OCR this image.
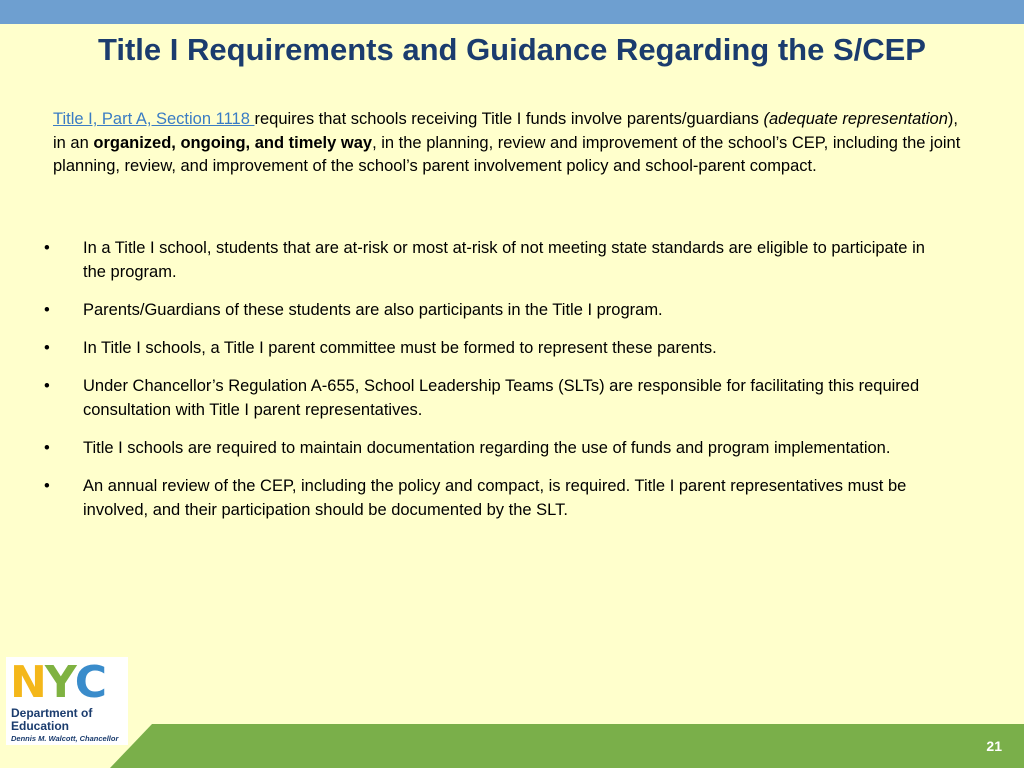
Title I Requirements and Guidance Regarding the S/CEP

Title I, Part A, Section 1118 requires that schools receiving Title I funds involve parents/guardians (adequate representation), in an organized, ongoing, and timely way, in the planning, review and improvement of the school’s CEP, including the joint planning, review, and improvement of the school’s parent involvement policy and school-parent compact.

• In a Title I school, students that are at-risk or most at-risk of not meeting state standards are eligible to participate in the program.
• Parents/Guardians of these students are also participants in the Title I program.
• In Title I schools, a Title I parent committee must be formed to represent these parents.
• Under Chancellor’s Regulation A-655, School Leadership Teams (SLTs) are responsible for facilitating this required consultation with Title I parent representatives.
• Title I schools are required to maintain documentation regarding the use of funds and program implementation.
• An annual review of the CEP, including the policy and compact, is required. Title I parent representatives must be involved, and their participation should be documented by the SLT.
21
N Y C
Department of
Education
Dennis M. Walcott, Chancellor
